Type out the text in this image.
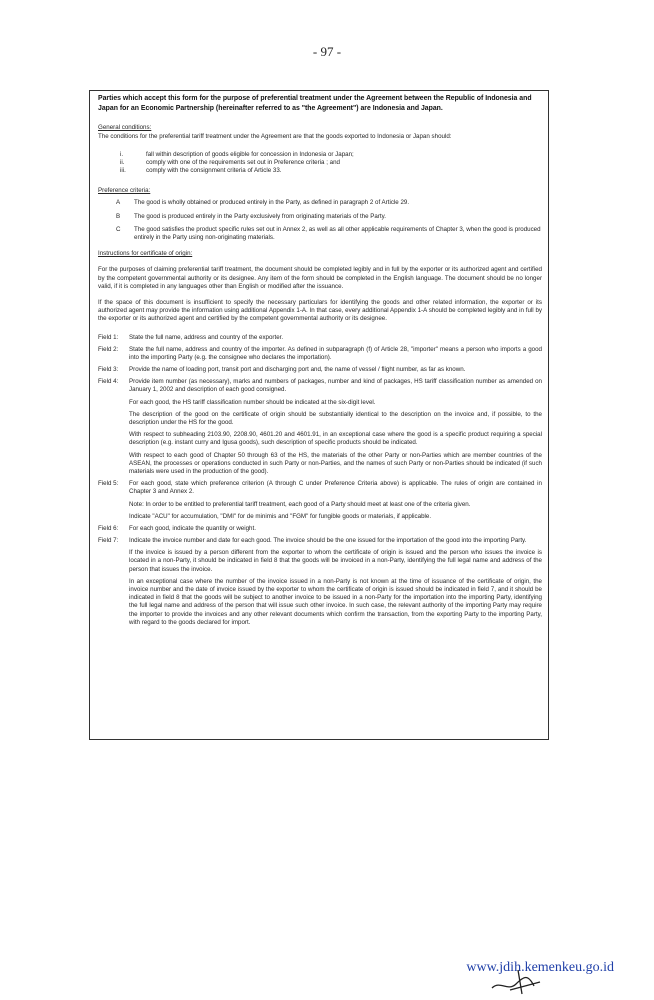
- 97 -

Parties which accept this form for the purpose of preferential treatment under the Agreement between the Republic of Indonesia and Japan for an Economic Partnership (hereinafter referred to as "the Agreement") are Indonesia and Japan.

General conditions:

The conditions for the preferential tariff treatment under the Agreement are that the goods exported to Indonesia or Japan should:

i.	fall within description of goods eligible for concession in Indonesia or Japan;
ii.	comply with one of the requirements set out in Preference criteria ; and
iii.	comply with the consignment criteria of Article 33.

Preference criteria:

A	The good is wholly obtained or produced entirely in the Party, as defined in paragraph 2 of Article 29.
B	The good is produced entirely in the Party exclusively from originating materials of the Party.
C	The good satisfies the product specific rules set out in Annex 2, as well as all other applicable requirements of Chapter 3, when the good is produced entirely in the Party using non-originating materials.

Instructions for certificate of origin:

For the purposes of claiming preferential tariff treatment, the document should be completed legibly and in full by the exporter or its authorized agent and certified by the competent governmental authority or its designee. Any item of the form should be completed in the English language. The document should be no longer valid, if it is completed in any languages other than English or modified after the issuance.

If the space of this document is insufficient to specify the necessary particulars for identifying the goods and other related information, the exporter or its authorized agent may provide the information using additional Appendix 1-A. In that case, every additional Appendix 1-A should be completed legibly and in full by the exporter or its authorized agent and certified by the competent governmental authority or its designee.

Field 1:	State the full name, address and country of the exporter.
Field 2:	State the full name, address and country of the importer. As defined in subparagraph (f) of Article 28, "importer" means a person who imports a good into the importing Party (e.g. the consignee who declares the importation).
Field 3:	Provide the name of loading port, transit port and discharging port and, the name of vessel / flight number, as far as known.
Field 4:	Provide item number (as necessary), marks and numbers of packages, number and kind of packages, HS tariff classification number as amended on January 1, 2002 and description of each good consigned.

For each good, the HS tariff classification number should be indicated at the six-digit level.

The description of the good on the certificate of origin should be substantially identical to the description on the invoice and, if possible, to the description under the HS for the good.

With respect to subheading 2103.90, 2208.90, 4601.20 and 4601.91, in an exceptional case where the good is a specific product requiring a special description (e.g. instant curry and Igusa goods), such description of specific products should be indicated.

With respect to each good of Chapter 50 through 63 of the HS, the materials of the other Party or non-Parties which are member countries of the ASEAN, the processes or operations conducted in such Party or non-Parties, and the names of such Party or non-Parties should be indicated (if such materials were used in the production of the good).

Field 5:	For each good, state which preference criterion (A through C under Preference Criteria above) is applicable. The rules of origin are contained in Chapter 3 and Annex 2.

Note: In order to be entitled to preferential tariff treatment, each good of a Party should meet at least one of the criteria given.

Indicate "ACU" for accumulation, "DMI" for de minimis and "FGM" for fungible goods or materials, if applicable.

Field 6:	For each good, indicate the quantity or weight.
Field 7:	Indicate the invoice number and date for each good. The invoice should be the one issued for the importation of the good into the importing Party.

If the invoice is issued by a person different from the exporter to whom the certificate of origin is issued and the person who issues the invoice is located in a non-Party, it should be indicated in field 8 that the goods will be invoiced in a non-Party, identifying the full legal name and address of the person that issues the invoice.

In an exceptional case where the number of the invoice issued in a non-Party is not known at the time of issuance of the certificate of origin, the invoice number and the date of invoice issued by the exporter to whom the certificate of origin is issued should be indicated in field 7, and it should be indicated in field 8 that the goods will be subject to another invoice to be issued in a non-Party for the importation into the importing Party, identifying the full legal name and address of the person that will issue such other invoice. In such case, the relevant authority of the importing Party may require the importer to provide the invoices and any other relevant documents which confirm the transaction, from the exporting Party to the importing Party, with regard to the goods declared for import.

www.jdih.kemenkeu.go.id
